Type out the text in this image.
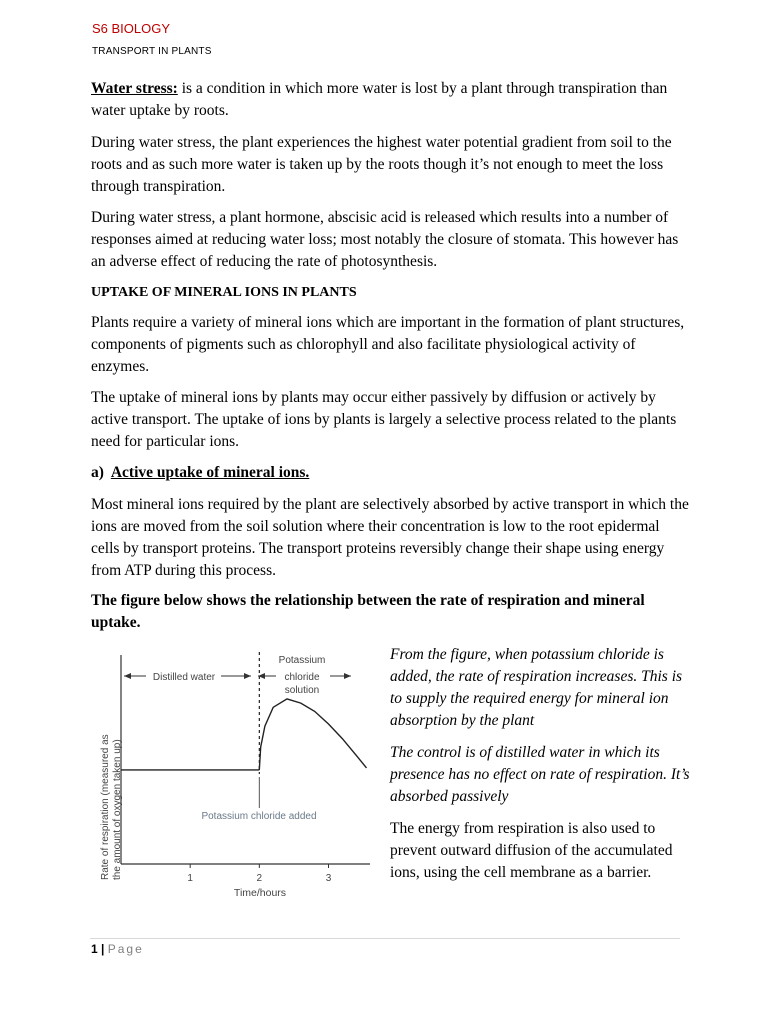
S6 BIOLOGY
TRANSPORT IN PLANTS
Water stress: is a condition in which more water is lost by a plant through transpiration than water uptake by roots.
During water stress, the plant experiences the highest water potential gradient from soil to the roots and as such more water is taken up by the roots though it’s not enough to meet the loss through transpiration.
During water stress, a plant hormone, abscisic acid is released which results into a number of responses aimed at reducing water loss; most notably the closure of stomata. This however has an adverse effect of reducing the rate of photosynthesis.
UPTAKE OF MINERAL IONS IN PLANTS
Plants require a variety of mineral ions which are important in the formation of plant structures, components of pigments such as chlorophyll and also facilitate physiological activity of enzymes.
The uptake of mineral ions by plants may occur either passively by diffusion or actively by active transport. The uptake of ions by plants is largely a selective process related to the plants need for particular ions.
a) Active uptake of mineral ions.
Most mineral ions required by the plant are selectively absorbed by active transport in which the ions are moved from the soil solution where their concentration is low to the root epidermal cells by transport proteins. The transport proteins reversibly change their shape using energy from ATP during this process.
The figure below shows the relationship between the rate of respiration and mineral uptake.
Rate of respiration (measured as the amount of oxygen taken up)	1	2	3
Time/hours
Distilled water
Potassium
chloride
solution
Potassium chloride added
From the figure, when potassium chloride is added, the rate of respiration increases. This is to supply the required energy for mineral ion absorption by the plant
The control is of distilled water in which its presence has no effect on rate of respiration. It’s absorbed passively
The energy from respiration is also used to prevent outward diffusion of the accumulated ions, using the cell membrane as a barrier.
1 | Page
